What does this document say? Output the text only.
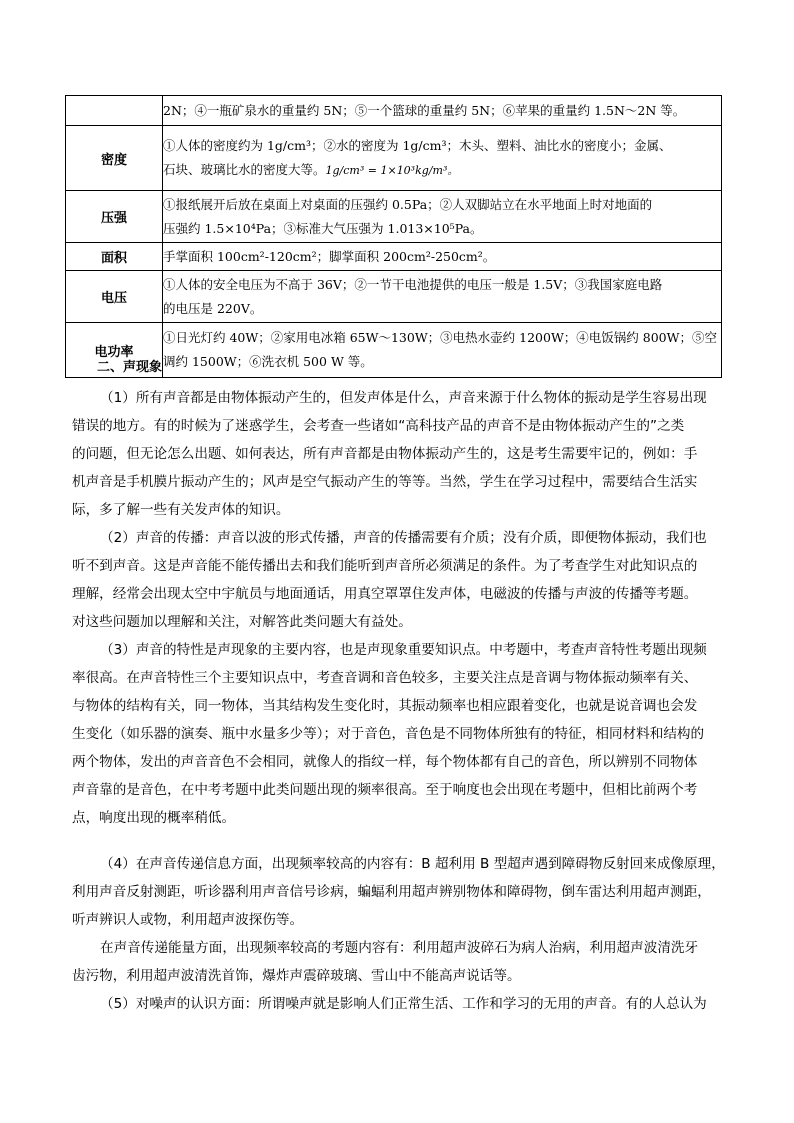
	2N；④一瓶矿泉水的重量约 5N；⑤一个篮球的重量约 5N；⑥苹果的重量约 1.5N～2N 等。

密度	①人体的密度约为 1g/cm³；②水的密度为 1g/cm³；木头、塑料、油比水的密度小；金属、
石块、玻璃比水的密度大等。1g/cm³ = 1×10³kg/m³。

压强	①报纸展开后放在桌面上对桌面的压强约 0.5Pa；②人双脚站立在水平地面上时对地面的
压强约 1.5×10⁴Pa；③标准大气压强为 1.013×10⁵Pa。

面积	手掌面积 100cm²-120cm²；脚掌面积 200cm²-250cm²。

电压	①人体的安全电压为不高于 36V；②一节干电池提供的电压一般是 1.5V；③我国家庭电路
的电压是 220V。

电功率	①日光灯约 40W；②家用电冰箱 65W～130W；③电热水壶约 1200W；④电饭锅约 800W；⑤空
调约 1500W；⑥洗衣机 500 W 等。
二、声现象
（1）所有声音都是由物体振动产生的，但发声体是什么，声音来源于什么物体的振动是学生容易出现
错误的地方。有的时候为了迷惑学生，会考查一些诸如“高科技产品的声音不是由物体振动产生的”之类
的问题，但无论怎么出题、如何表达，所有声音都是由物体振动产生的，这是考生需要牢记的，例如：手
机声音是手机膜片振动产生的；风声是空气振动产生的等等。当然，学生在学习过程中，需要结合生活实
际，多了解一些有关发声体的知识。
（2）声音的传播：声音以波的形式传播，声音的传播需要有介质；没有介质，即便物体振动，我们也
听不到声音。这是声音能不能传播出去和我们能听到声音所必须满足的条件。为了考查学生对此知识点的
理解，经常会出现太空中宇航员与地面通话，用真空罩罩住发声体，电磁波的传播与声波的传播等考题。
对这些问题加以理解和关注，对解答此类问题大有益处。
（3）声音的特性是声现象的主要内容，也是声现象重要知识点。中考题中，考查声音特性考题出现频
率很高。在声音特性三个主要知识点中，考查音调和音色较多，主要关注点是音调与物体振动频率有关、
与物体的结构有关，同一物体，当其结构发生变化时，其振动频率也相应跟着变化，也就是说音调也会发
生变化（如乐器的演奏、瓶中水量多少等）；对于音色，音色是不同物体所独有的特征，相同材料和结构的
两个物体，发出的声音音色不会相同，就像人的指纹一样，每个物体都有自己的音色，所以辨别不同物体
声音靠的是音色，在中考考题中此类问题出现的频率很高。至于响度也会出现在考题中，但相比前两个考
点，响度出现的概率稍低。
（4）在声音传递信息方面，出现频率较高的内容有：B 超利用 B 型超声遇到障碍物反射回来成像原理，
利用声音反射测距，听诊器利用声音信号诊病，蝙蝠利用超声辨别物体和障碍物，倒车雷达利用超声测距，
听声辨识人或物，利用超声波探伤等。
在声音传递能量方面，出现频率较高的考题内容有：利用超声波碎石为病人治病，利用超声波清洗牙
齿污物，利用超声波清洗首饰，爆炸声震碎玻璃、雪山中不能高声说话等。
（5）对噪声的认识方面：所谓噪声就是影响人们正常生活、工作和学习的无用的声音。有的人总认为
